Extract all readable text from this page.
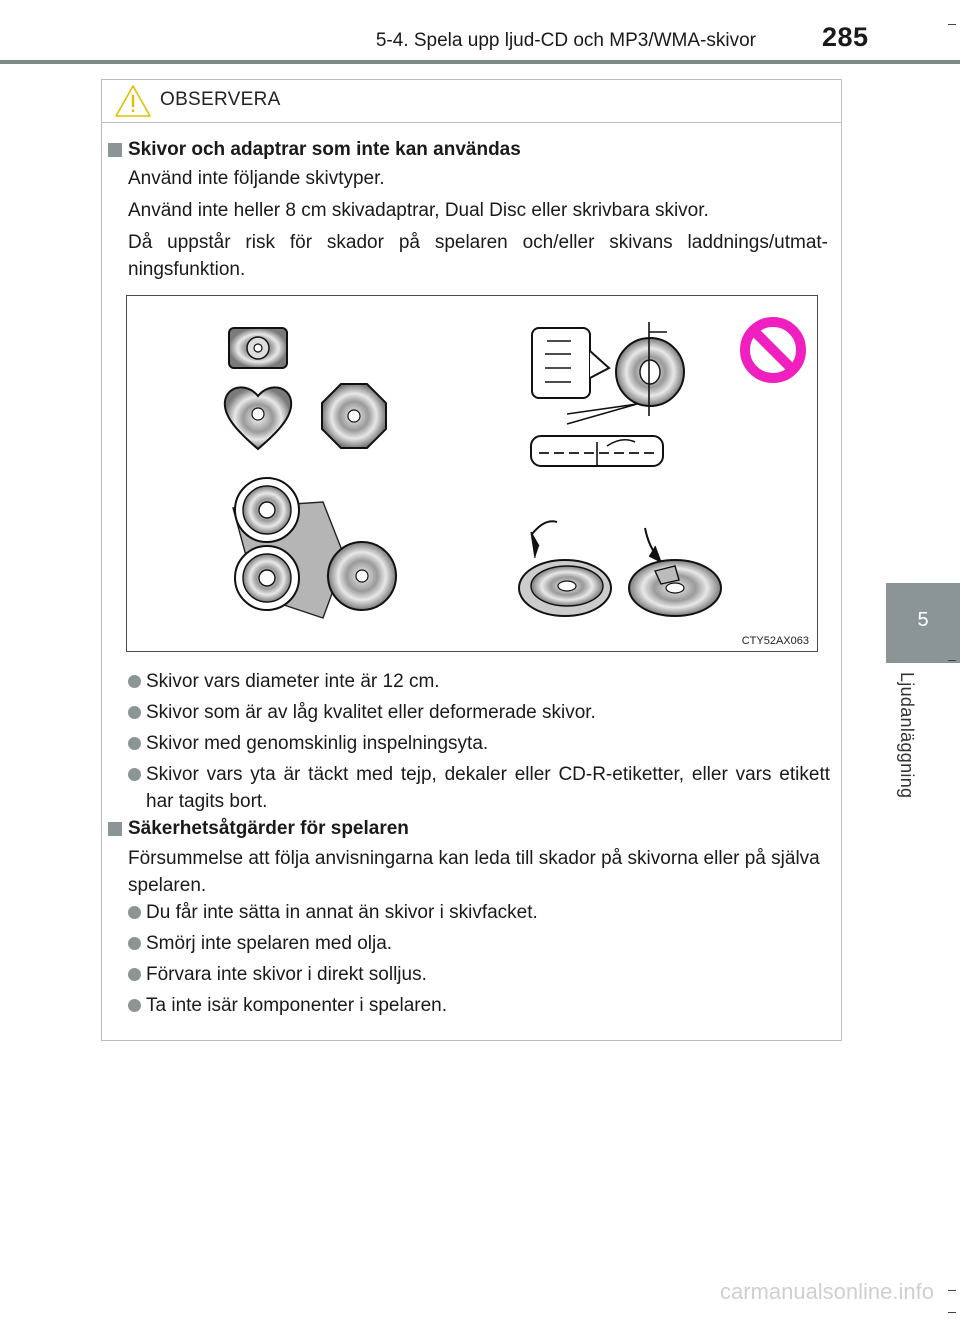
5-4. Spela upp ljud-CD och MP3/WMA-skivor 285
5
Ljudanläggning
OBSERVERA
Skivor och adaptrar som inte kan användas
Använd inte följande skivtyper.
Använd inte heller 8 cm skivadaptrar, Dual Disc eller skrivbara skivor.
Då uppstår risk för skador på spelaren och/eller skivans laddnings/utmat-ningsfunktion.
CTY52AX063
Skivor vars diameter inte är 12 cm.
Skivor som är av låg kvalitet eller deformerade skivor.
Skivor med genomskinlig inspelningsyta.
Skivor vars yta är täckt med tejp, dekaler eller CD-R-etiketter, eller vars etikett har tagits bort.
Säkerhetsåtgärder för spelaren
Försummelse att följa anvisningarna kan leda till skador på skivorna eller på själva spelaren.
Du får inte sätta in annat än skivor i skivfacket.
Smörj inte spelaren med olja.
Förvara inte skivor i direkt solljus.
Ta inte isär komponenter i spelaren.
carmanualsonline.info
